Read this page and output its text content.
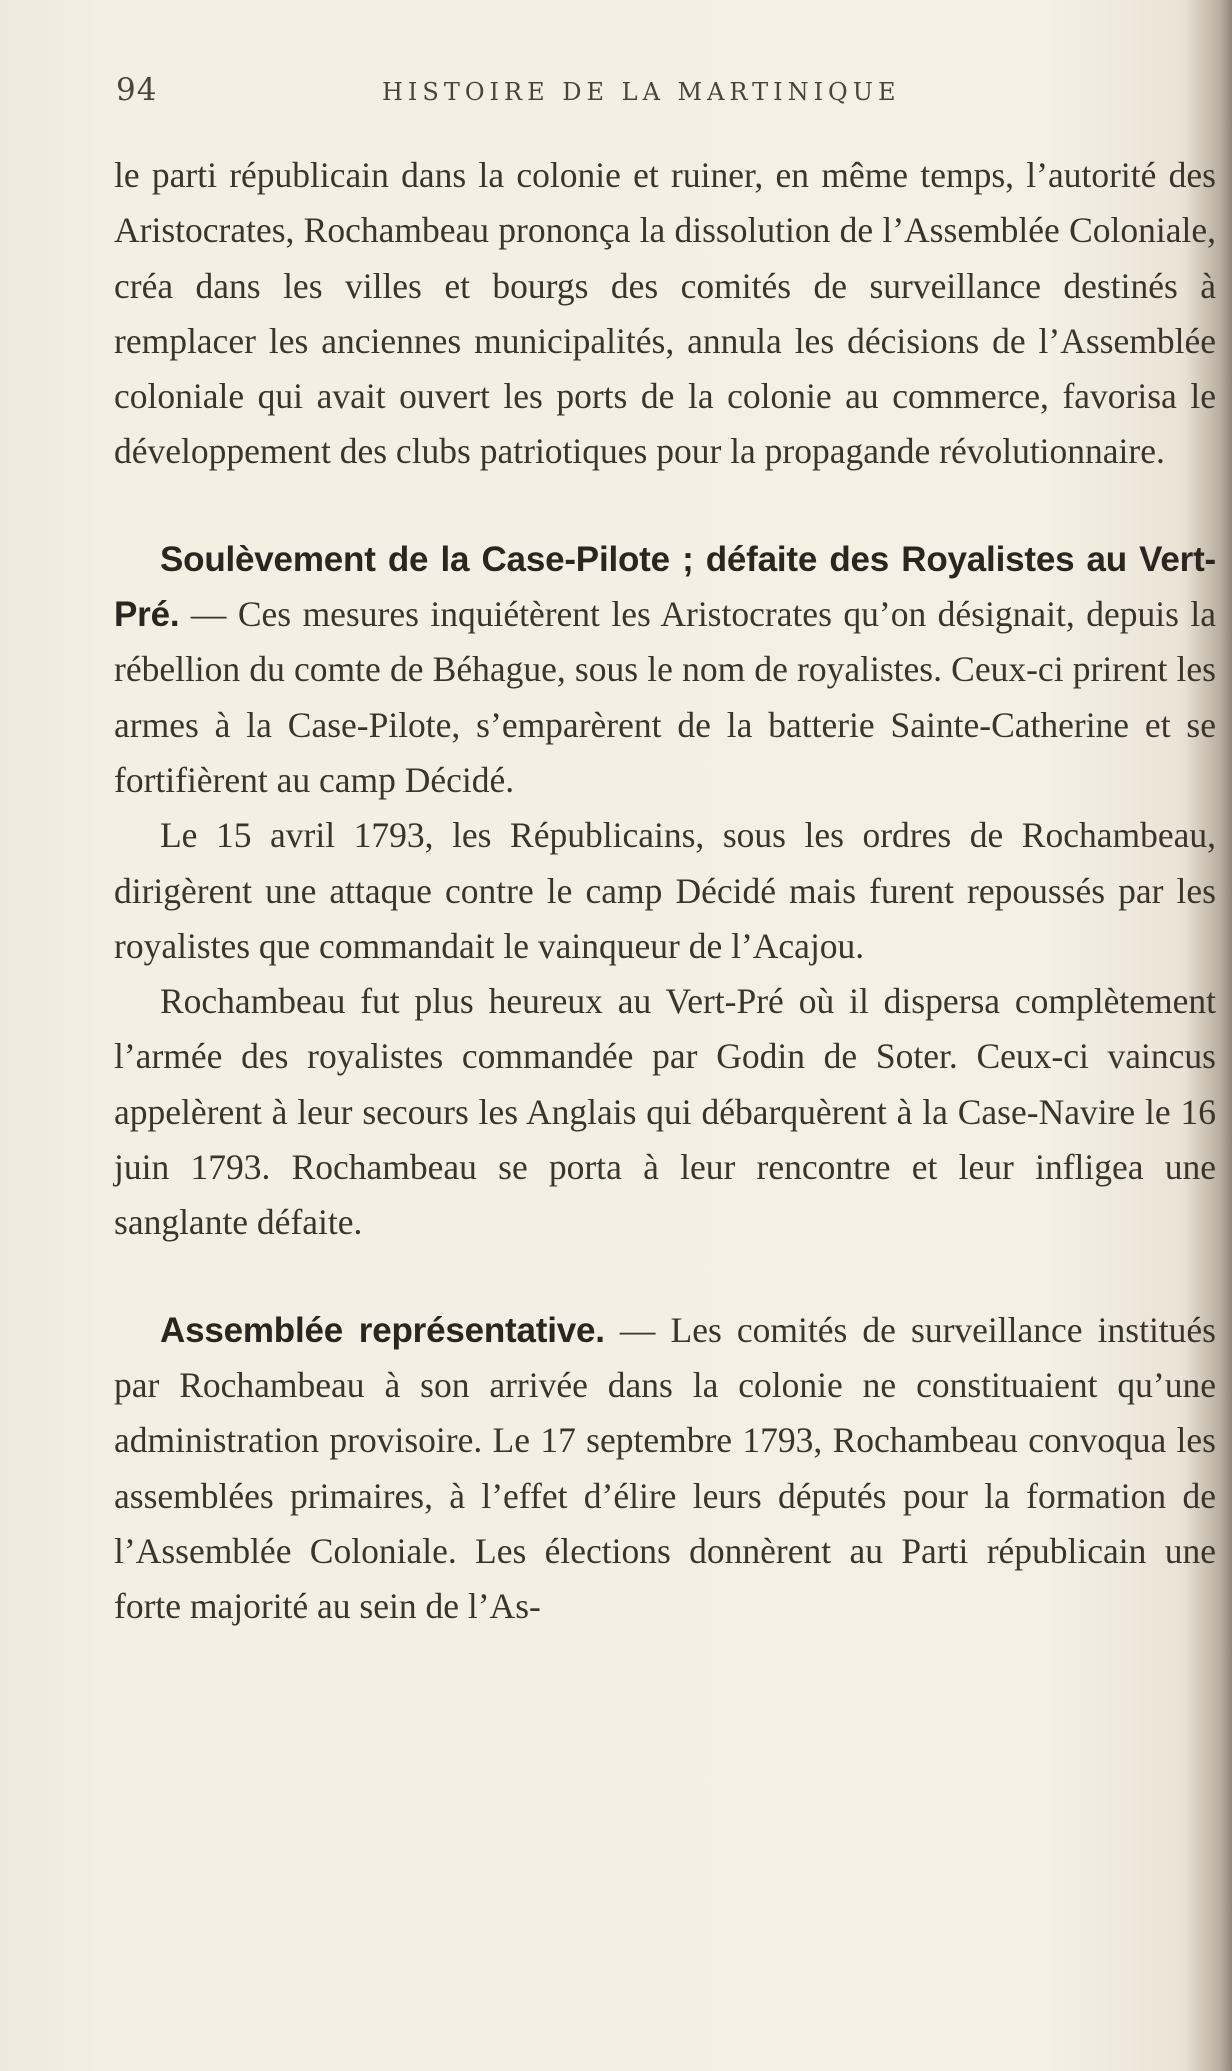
94	HISTOIRE DE LA MARTINIQUE

le parti républicain dans la colonie et ruiner, en même temps, l’autorité des Aristocrates, Rochambeau prononça la dissolution de l’Assemblée Coloniale, créa dans les villes et bourgs des comités de surveillance destinés à remplacer les anciennes municipalités, annula les décisions de l’Assemblée coloniale qui avait ouvert les ports de la colonie au commerce, favorisa le développement des clubs patriotiques pour la propagande révolutionnaire.

Soulèvement de la Case-Pilote ; défaite des Royalistes au Vert-Pré. — Ces mesures inquiétèrent les Aristocrates qu’on désignait, depuis la rébellion du comte de Béhague, sous le nom de royalistes. Ceux-ci prirent les armes à la Case-Pilote, s’emparèrent de la batterie Sainte-Catherine et se fortifièrent au camp Décidé.

Le 15 avril 1793, les Républicains, sous les ordres de Rochambeau, dirigèrent une attaque contre le camp Décidé mais furent repoussés par les royalistes que commandait le vainqueur de l’Acajou.

Rochambeau fut plus heureux au Vert-Pré où il dispersa complètement l’armée des royalistes commandée par Godin de Soter. Ceux-ci vaincus appelèrent à leur secours les Anglais qui débarquèrent à la Case-Navire le 16 juin 1793. Rochambeau se porta à leur rencontre et leur infligea une sanglante défaite.

Assemblée représentative. — Les comités de surveillance institués par Rochambeau à son arrivée dans la colonie ne constituaient qu’une administration provisoire. Le 17 septembre 1793, Rochambeau convoqua les assemblées primaires, à l’effet d’élire leurs députés pour la formation de l’Assemblée Coloniale. Les élections donnèrent au Parti républicain une forte majorité au sein de l’As-
